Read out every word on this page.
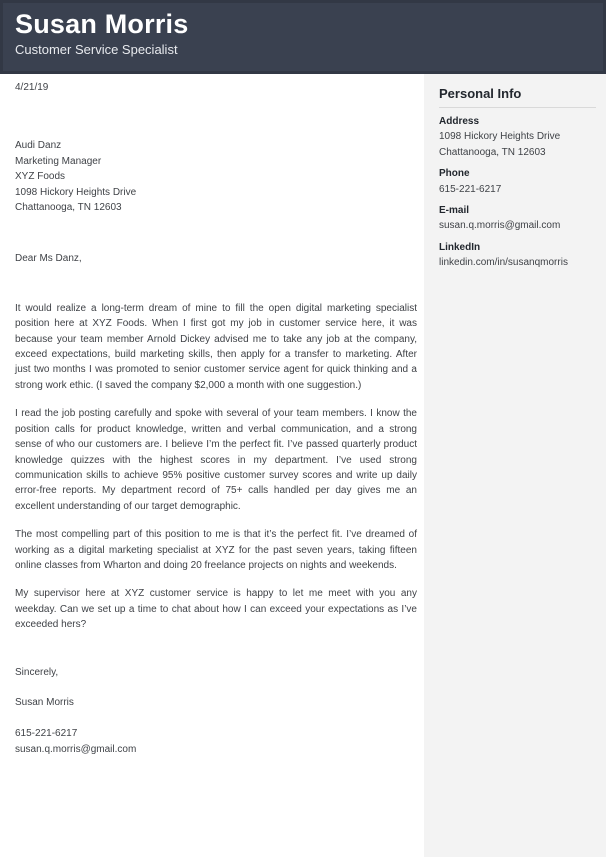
Susan Morris
Customer Service Specialist
4/21/19
Audi Danz
Marketing Manager
XYZ Foods
1098 Hickory Heights Drive
Chattanooga, TN 12603
Dear Ms Danz,

It would realize a long-term dream of mine to fill the open digital marketing specialist position here at XYZ Foods. When I first got my job in customer service here, it was because your team member Arnold Dickey advised me to take any job at the company, exceed expectations, build marketing skills, then apply for a transfer to marketing. After just two months I was promoted to senior customer service agent for quick thinking and a strong work ethic. (I saved the company $2,000 a month with one suggestion.)

I read the job posting carefully and spoke with several of your team members. I know the position calls for product knowledge, written and verbal communication, and a strong sense of who our customers are. I believe I’m the perfect fit. I’ve passed quarterly product knowledge quizzes with the highest scores in my department. I’ve used strong communication skills to achieve 95% positive customer survey scores and write up daily error-free reports. My department record of 75+ calls handled per day gives me an excellent understanding of our target demographic.

The most compelling part of this position to me is that it’s the perfect fit. I’ve dreamed of working as a digital marketing specialist at XYZ for the past seven years, taking fifteen online classes from Wharton and doing 20 freelance projects on nights and weekends.

My supervisor here at XYZ customer service is happy to let me meet with you any weekday. Can we set up a time to chat about how I can exceed your expectations as I’ve exceeded hers?

Sincerely,
Susan Morris
615-221-6217
susan.q.morris@gmail.com
Personal Info
Address
1098 Hickory Heights Drive
Chattanooga, TN 12603
Phone
615-221-6217
E-mail
susan.q.morris@gmail.com
LinkedIn
linkedin.com/in/susanqmorris
